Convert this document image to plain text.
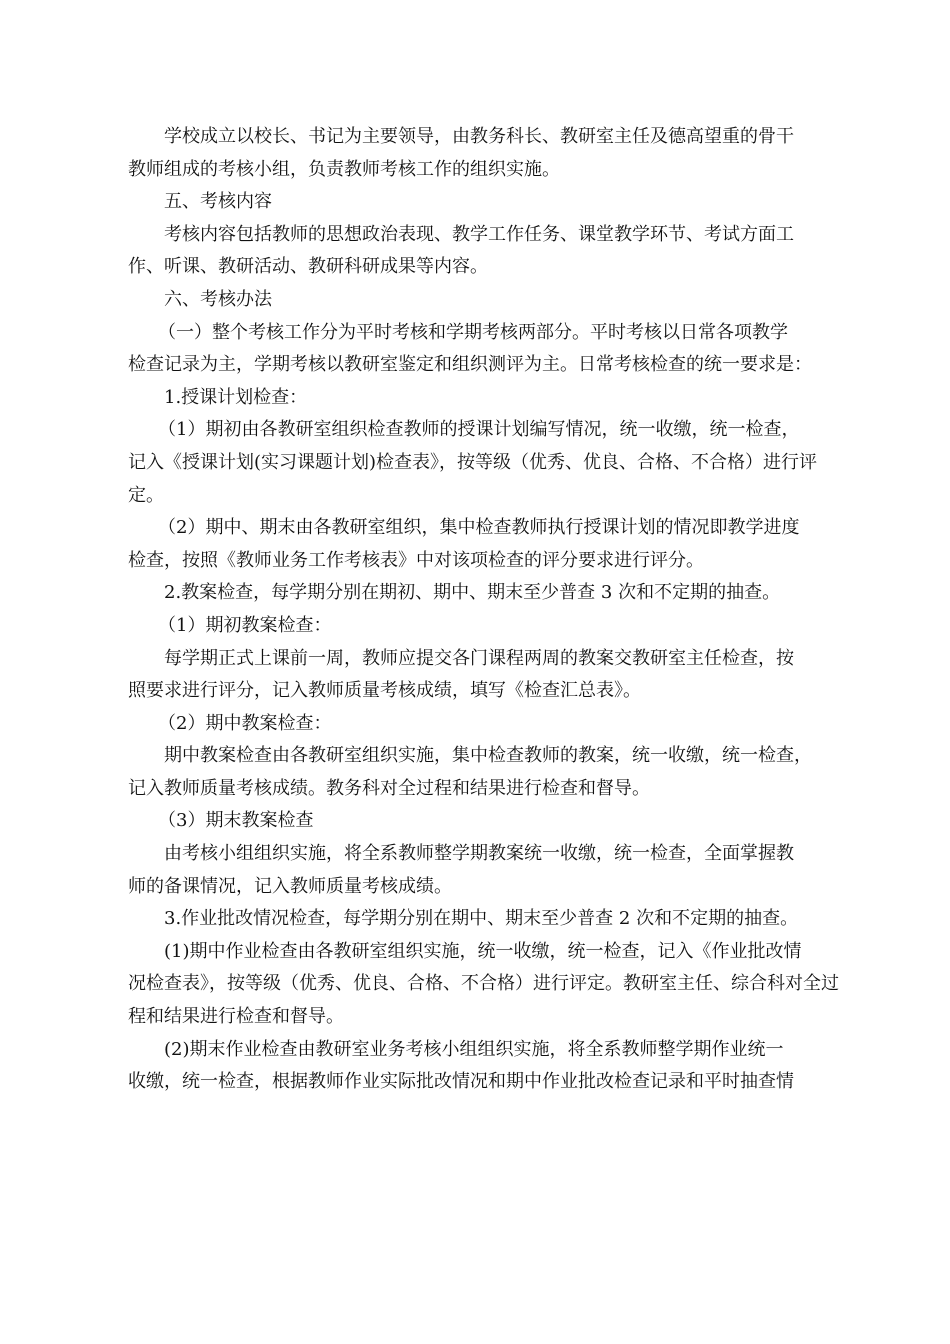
学校成立以校长、书记为主要领导，由教务科长、教研室主任及德高望重的骨干
教师组成的考核小组，负责教师考核工作的组织实施。

五、考核内容

考核内容包括教师的思想政治表现、教学工作任务、课堂教学环节、考试方面工
作、听课、教研活动、教研科研成果等内容。

六、考核办法

（一）整个考核工作分为平时考核和学期考核两部分。平时考核以日常各项教学
检查记录为主，学期考核以教研室鉴定和组织测评为主。日常考核检查的统一要求是：

1.授课计划检查：

（1）期初由各教研室组织检查教师的授课计划编写情况，统一收缴，统一检查，
记入《授课计划(实习课题计划)检查表》，按等级（优秀、优良、合格、不合格）进行评
定。

（2）期中、期末由各教研室组织，集中检查教师执行授课计划的情况即教学进度
检查，按照《教师业务工作考核表》中对该项检查的评分要求进行评分。

2.教案检查，每学期分别在期初、期中、期末至少普查 3 次和不定期的抽查。

（1）期初教案检查：

每学期正式上课前一周，教师应提交各门课程两周的教案交教研室主任检查，按
照要求进行评分，记入教师质量考核成绩，填写《检查汇总表》。

（2）期中教案检查：

期中教案检查由各教研室组织实施，集中检查教师的教案，统一收缴，统一检查，
记入教师质量考核成绩。教务科对全过程和结果进行检查和督导。

（3）期末教案检查

由考核小组组织实施，将全系教师整学期教案统一收缴，统一检查，全面掌握教
师的备课情况，记入教师质量考核成绩。

3.作业批改情况检查，每学期分别在期中、期末至少普查 2 次和不定期的抽查。

(1)期中作业检查由各教研室组织实施，统一收缴，统一检查，记入《作业批改情
况检查表》，按等级（优秀、优良、合格、不合格）进行评定。教研室主任、综合科对全过
程和结果进行检查和督导。

(2)期末作业检查由教研室业务考核小组组织实施，将全系教师整学期作业统一
收缴，统一检查，根据教师作业实际批改情况和期中作业批改检查记录和平时抽查情
